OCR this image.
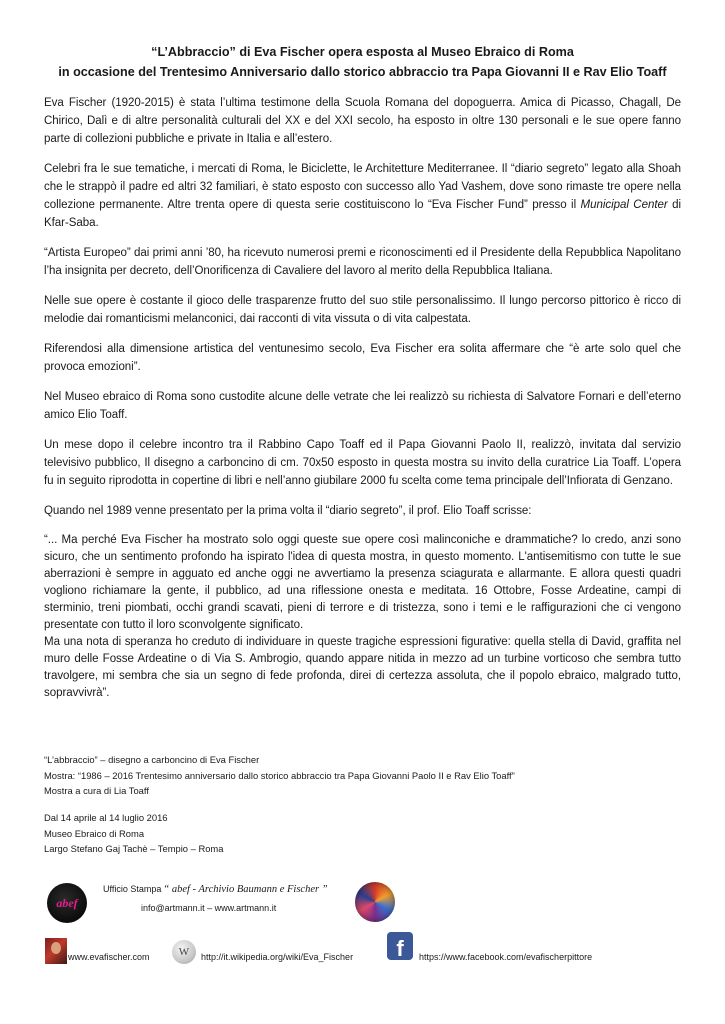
“L’Abbraccio” di Eva Fischer opera esposta al Museo Ebraico di Roma
in occasione del Trentesimo Anniversario dallo storico abbraccio tra Papa Giovanni II e Rav Elio Toaff

Eva Fischer (1920-2015) è stata l’ultima testimone della Scuola Romana del dopoguerra. Amica di Picasso, Chagall, De Chirico, Dalì e di altre personalità culturali del XX e del XXI secolo, ha esposto in oltre 130 personali e le sue opere fanno parte di collezioni pubbliche e private in Italia e all’estero.

Celebri fra le sue tematiche, i mercati di Roma, le Biciclette, le Architetture Mediterranee. Il “diario segreto” legato alla Shoah che le strappò il padre ed altri 32 familiari, è stato esposto con successo allo Yad Vashem, dove sono rimaste tre opere nella collezione permanente. Altre trenta opere di questa serie costituiscono lo “Eva Fischer Fund” presso il Municipal Center di Kfar-Saba.

“Artista Europeo” dai primi anni ’80, ha ricevuto numerosi premi e riconoscimenti ed il Presidente della Repubblica Napolitano l’ha insignita per decreto, dell’Onorificenza di Cavaliere del lavoro al merito della Repubblica Italiana.

Nelle sue opere è costante il gioco delle trasparenze frutto del suo stile personalissimo. Il lungo percorso pittorico è ricco di melodie dai romanticismi melanconici, dai racconti di vita vissuta o di vita calpestata.

Riferendosi alla dimensione artistica del ventunesimo secolo, Eva Fischer era solita affermare che “è arte solo quel che provoca emozioni”.

Nel Museo ebraico di Roma sono custodite alcune delle vetrate che lei realizzò su richiesta di Salvatore Fornari e dell’eterno amico Elio Toaff.

Un mese dopo il celebre incontro tra il Rabbino Capo Toaff ed il Papa Giovanni Paolo II, realizzò, invitata dal servizio televisivo pubblico, Il disegno a carboncino di cm. 70x50 esposto in questa mostra su invito della curatrice Lia Toaff. L’opera fu in seguito riprodotta in copertine di libri e nell’anno giubilare 2000 fu scelta come tema principale dell’Infiorata di Genzano.

Quando nel 1989 venne presentato per la prima volta il “diario segreto”, il prof. Elio Toaff scrisse:

“... Ma perché Eva Fischer ha mostrato solo oggi queste sue opere così malinconiche e drammatiche? lo credo, anzi sono sicuro, che un sentimento profondo ha ispirato l'idea di questa mostra, in questo momento. L'antisemitismo con tutte le sue aberrazioni è sempre in agguato ed anche oggi ne avvertiamo la presenza sciagurata e allarmante. E allora questi quadri vogliono richiamare la gente, il pubblico, ad una riflessione onesta e meditata. 16 Ottobre, Fosse Ardeatine, campi di sterminio, treni piombati, occhi grandi scavati, pieni di terrore e di tristezza, sono i temi e le raffigurazioni che ci vengono presentate con tutto il loro sconvolgente significato.

Ma una nota di speranza ho creduto di individuare in queste tragiche espressioni figurative: quella stella di David, graffita nel muro delle Fosse Ardeatine o di Via S. Ambrogio, quando appare nitida in mezzo ad un turbine vorticoso che sembra tutto travolgere, mi sembra che sia un segno di fede profonda, direi di certezza assoluta, che il popolo ebraico, malgrado tutto, sopravvivrà”.

“L’abbraccio” – disegno a carboncino di Eva Fischer
Mostra: “1986 – 2016 Trentesimo anniversario dallo storico abbraccio tra Papa Giovanni Paolo II e Rav Elio Toaff”
Mostra a cura di Lia Toaff
Dal 14 aprile al 14 luglio 2016
Museo Ebraico di Roma
Largo Stefano Gaj Tachè – Tempio – Roma
abef
Ufficio Stampa “ abef - Archivio Baumann e Fischer ”
info@artmann.it – www.artmann.it
www.evafischer.com	W http://it.wikipedia.org/wiki/Eva_Fischer f https://www.facebook.com/evafischerpittore
